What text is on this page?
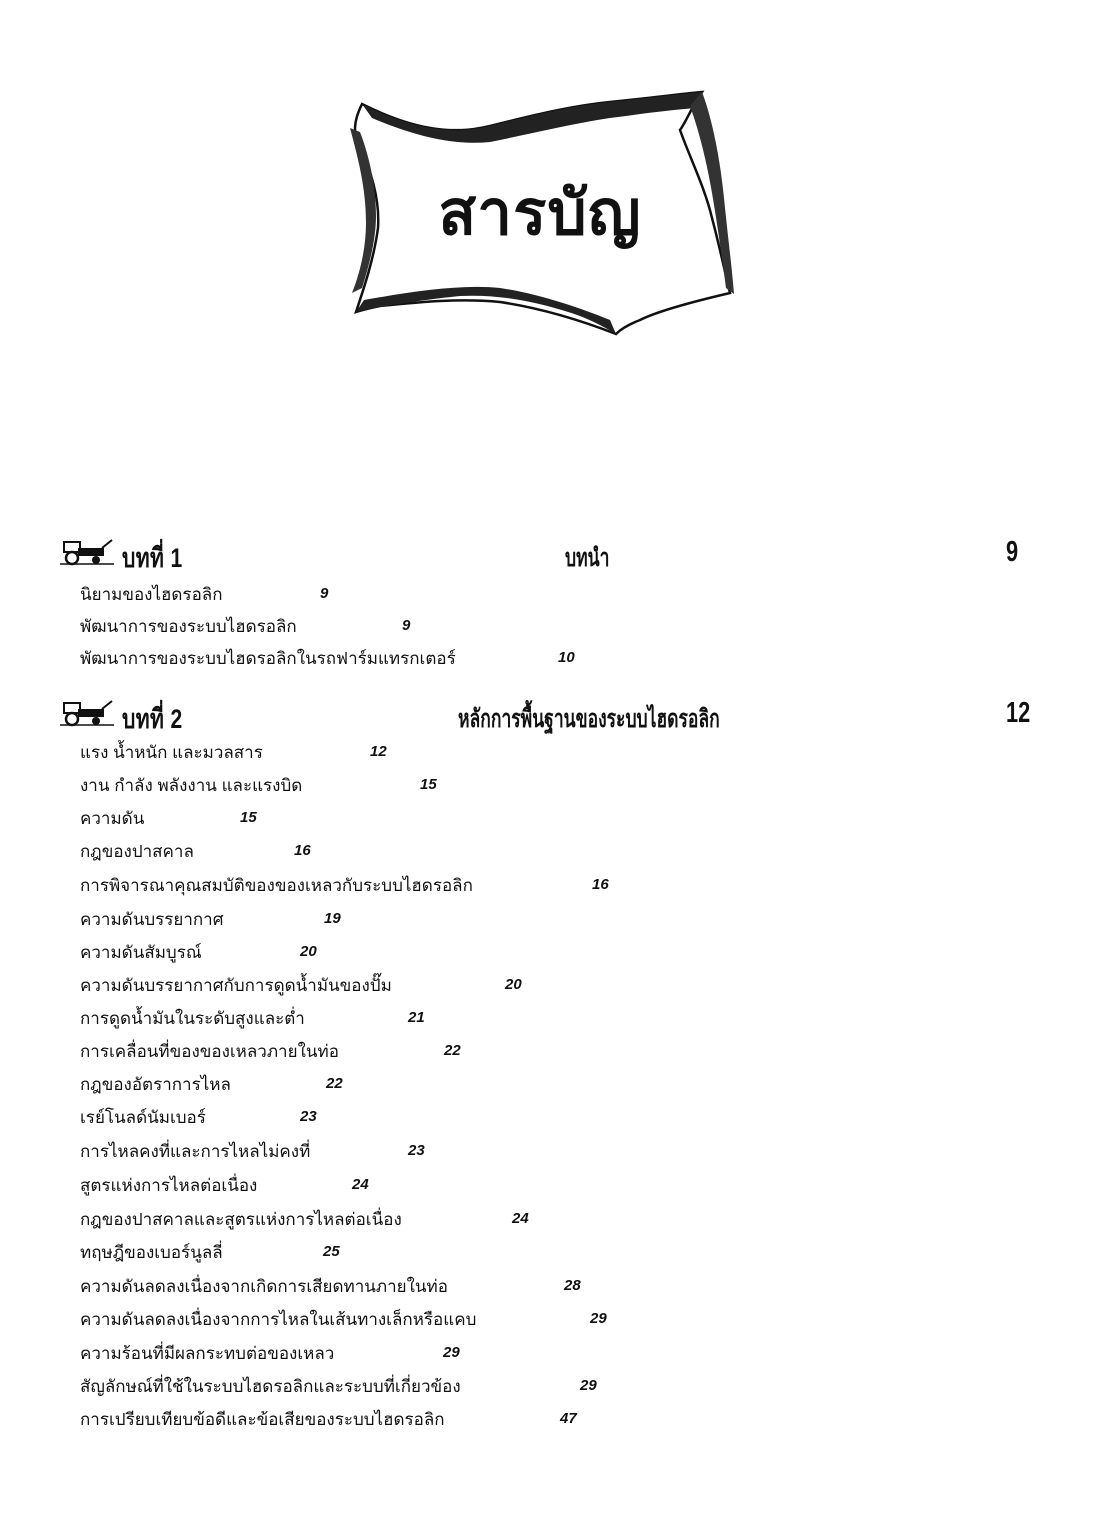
สารบัญ
บทที่ 1	บทนำ	9
นิยามของไฮดรอลิก	9
พัฒนาการของระบบไฮดรอลิก	9
พัฒนาการของระบบไฮดรอลิกในรถฟาร์มแทรกเตอร์	10
บทที่ 2	หลักการพื้นฐานของระบบไฮดรอลิก	12
แรง น้ำหนัก และมวลสาร	12
งาน กำลัง พลังงาน และแรงบิด	15
ความดัน	15
กฎของปาสคาล	16
การพิจารณาคุณสมบัติของของเหลวกับระบบไฮดรอลิก	16
ความดันบรรยากาศ	19
ความดันสัมบูรณ์	20
ความดันบรรยากาศกับการดูดน้ำมันของปั๊ม	20
การดูดน้ำมันในระดับสูงและต่ำ	21
การเคลื่อนที่ของของเหลวภายในท่อ	22
กฎของอัตราการไหล	22
เรย์โนลด์นัมเบอร์	23
การไหลคงที่และการไหลไม่คงที่	23
สูตรแห่งการไหลต่อเนื่อง	24
กฎของปาสคาลและสูตรแห่งการไหลต่อเนื่อง	24
ทฤษฎีของเบอร์นูลลี่	25
ความดันลดลงเนื่องจากเกิดการเสียดทานภายในท่อ	28
ความดันลดลงเนื่องจากการไหลในเส้นทางเล็กหรือแคบ	29
ความร้อนที่มีผลกระทบต่อของเหลว	29
สัญลักษณ์ที่ใช้ในระบบไฮดรอลิกและระบบที่เกี่ยวข้อง	29
การเปรียบเทียบข้อดีและข้อเสียของระบบไฮดรอลิก	47
